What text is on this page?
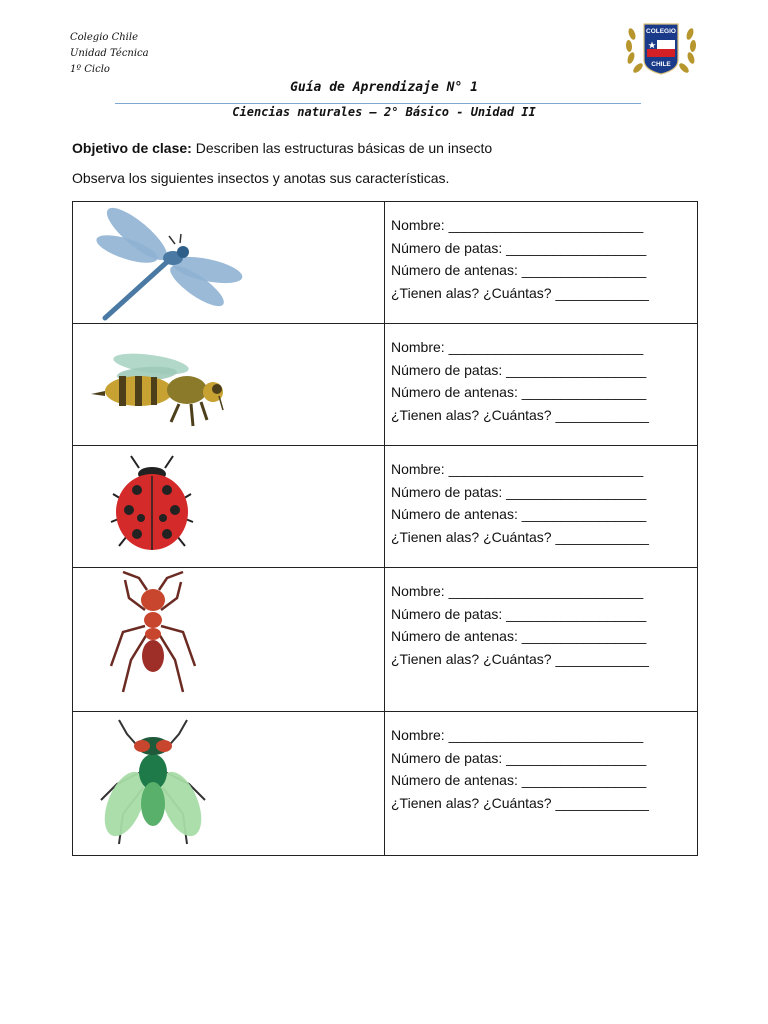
Colegio Chile
Unidad Técnica
1º Ciclo
COLEGIO
CHILE
Guía de Aprendizaje N° 1
Ciencias naturales – 2° Básico - Unidad II
Objetivo de clase: Describen las estructuras básicas de un insecto
Observa los siguientes insectos y anotas sus características.

Nombre: _________________________
Número de patas: __________________
Número de antenas: ________________
¿Tienen alas? ¿Cuántas? ____________

Nombre: _________________________
Número de patas: __________________
Número de antenas: ________________
¿Tienen alas? ¿Cuántas? ____________

Nombre: _________________________
Número de patas: __________________
Número de antenas: ________________
¿Tienen alas? ¿Cuántas? ____________

Nombre: _________________________
Número de patas: __________________
Número de antenas: ________________
¿Tienen alas? ¿Cuántas? ____________

Nombre: _________________________
Número de patas: __________________
Número de antenas: ________________
¿Tienen alas? ¿Cuántas? ____________
